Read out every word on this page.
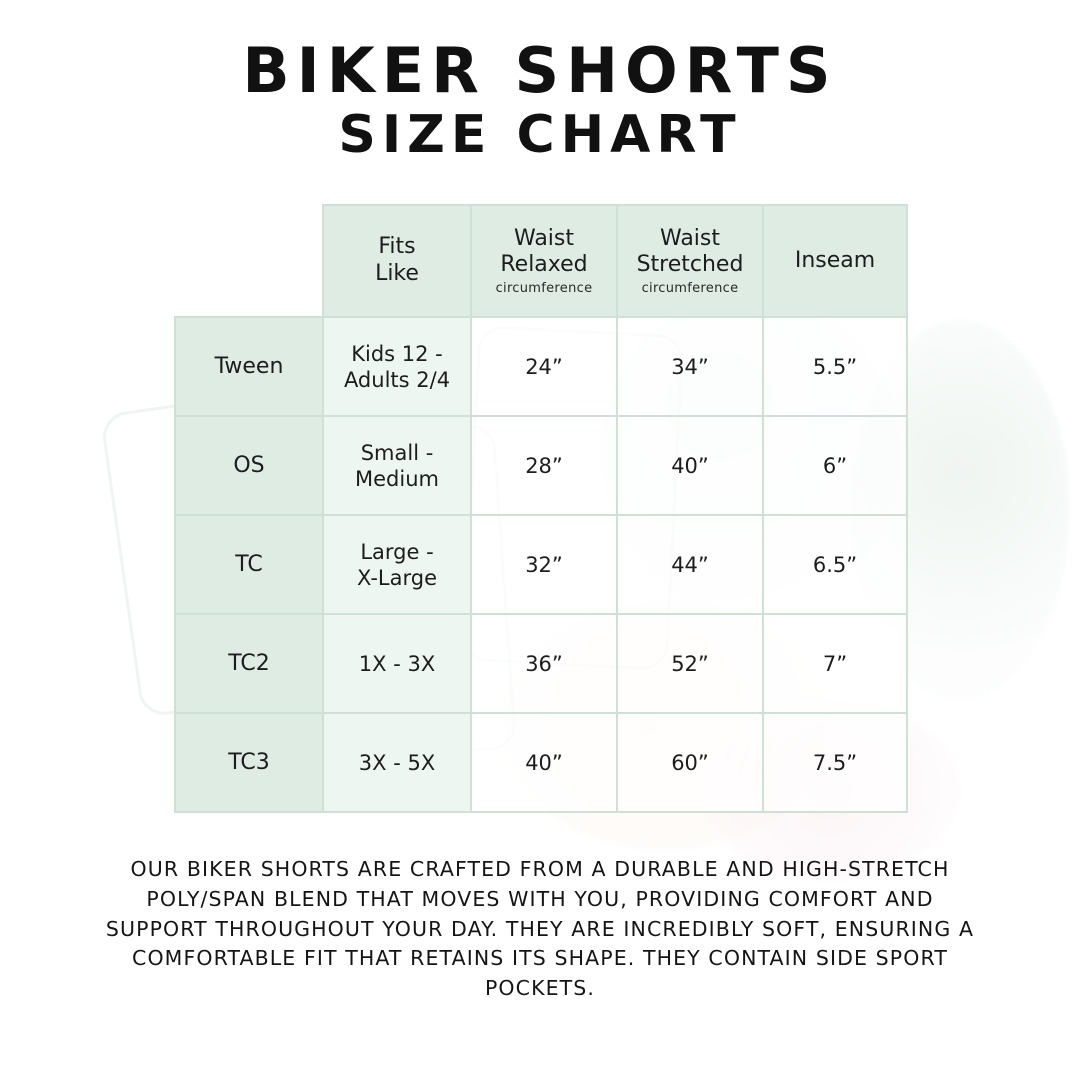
BIKER SHORTS
SIZE CHART
	Fits
Like	Waist
Relaxed
circumference	Waist
Stretched
circumference	Inseam
Tween	Kids 12 -
Adults 2/4	24”	34”	5.5”
OS	Small -
Medium	28”	40”	6”
TC	Large -
X-Large	32”	44”	6.5”
TC2	1X - 3X	36”	52”	7”
TC3	3X - 5X	40”	60”	7.5”
OUR BIKER SHORTS ARE CRAFTED FROM A DURABLE AND HIGH-STRETCH POLY/SPAN BLEND THAT MOVES WITH YOU, PROVIDING COMFORT AND SUPPORT THROUGHOUT YOUR DAY. THEY ARE INCREDIBLY SOFT, ENSURING A COMFORTABLE FIT THAT RETAINS ITS SHAPE. THEY CONTAIN SIDE SPORT POCKETS.
